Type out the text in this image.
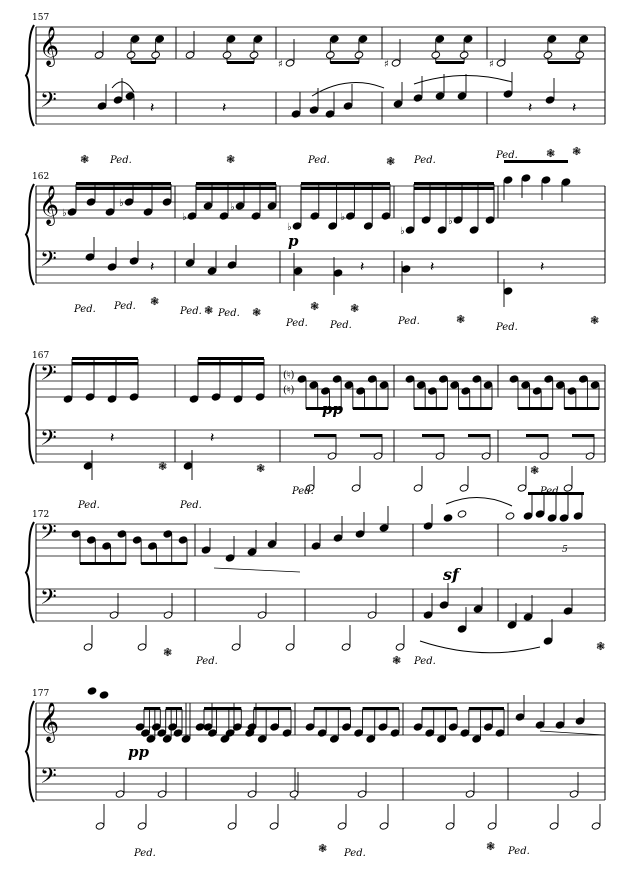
𝄞
𝄢
𝄞
𝄢
𝄢
𝄢
𝄢
𝄢
𝄞
𝄢
♯	♯	♯
𝄽	𝄽	𝄽	𝄽
♭
♭
♭
♭
♭
♭
♭
♭
𝄽	𝄽	𝄽	𝄽
𝄽	𝄽
157
162
167
172
177
p
pp
sf
pp
5
(♮)
(♮)
❃ Ped.	❃	Ped.	❃ Ped.	Ped.	❃ ❃
Ped. Ped. ❃
Ped. ❃ Ped. ❃
Ped.
❃
Ped.
❃
Ped.	❃
Ped.
❃
Ped.
❃
Ped.
❃
Ped.
❃
Ped.
❃
Ped.	❃ Ped.
❃
Ped.	❃ Ped.
❃ Ped.
